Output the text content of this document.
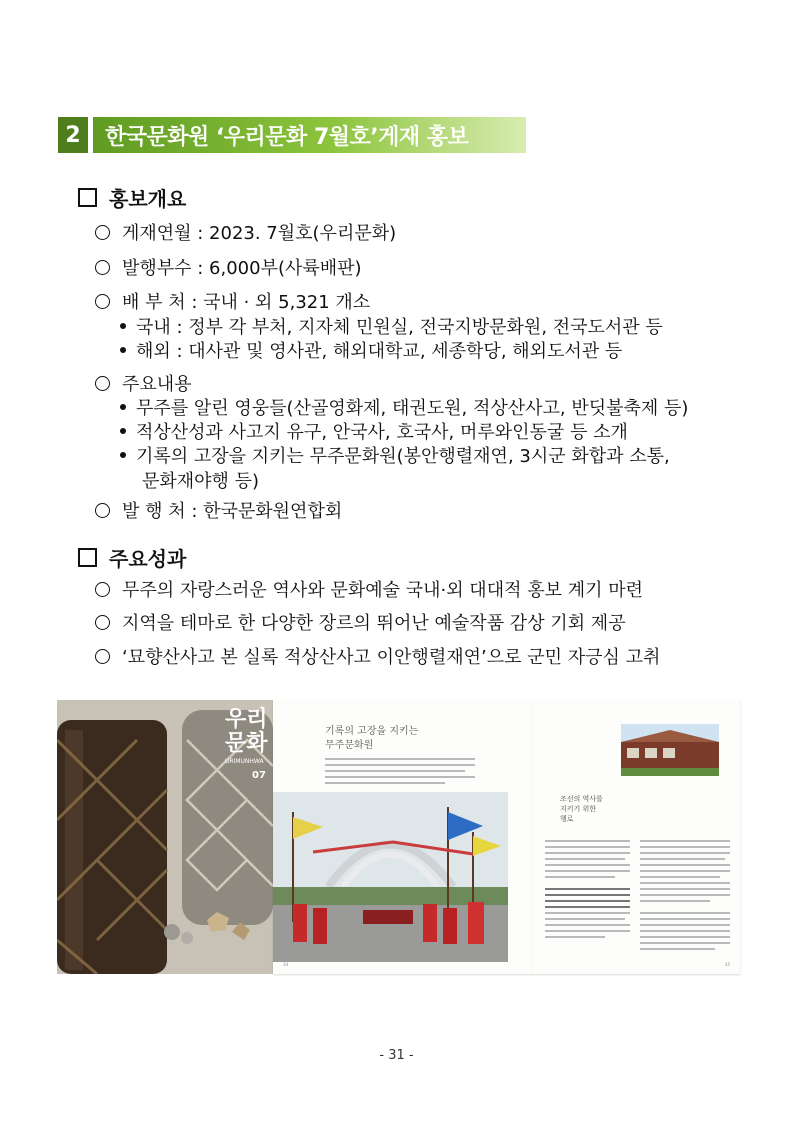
2	한국문화원 ‘우리문화 7월호’게재 홍보
홍보개요
게재연월 : 2023. 7월호(우리문화)
발행부수 : 6,000부(사륙배판)
배 부 처 : 국내 · 외 5,321 개소
국내 : 정부 각 부처, 지자체 민원실, 전국지방문화원, 전국도서관 등
해외 : 대사관 및 영사관, 해외대학교, 세종학당, 해외도서관 등
주요내용
무주를 알린 영웅들(산골영화제, 태권도원, 적상산사고, 반딧불축제 등)
적상산성과 사고지 유구, 안국사, 호국사, 머루와인동굴 등 소개
기록의 고장을 지키는 무주문화원(봉안행렬재연, 3시군 화합과 소통,
문화재야행 등)
발 행 처 : 한국문화원연합회
주요성과
무주의 자랑스러운 역사와 문화예술 국내·외 대대적 홍보 계기 마련
지역을 테마로 한 다양한 장르의 뛰어난 예술작품 감상 기회 제공
‘묘향산사고 본 실록 적상산사고 이안행렬재연’으로 군민 자긍심 고취
우리
문화
URIMUNHWA
07
기록의 고장을 지키는
무주문화원
34
조선의 역사를
지키기 위한
행로
35
- 31 -
